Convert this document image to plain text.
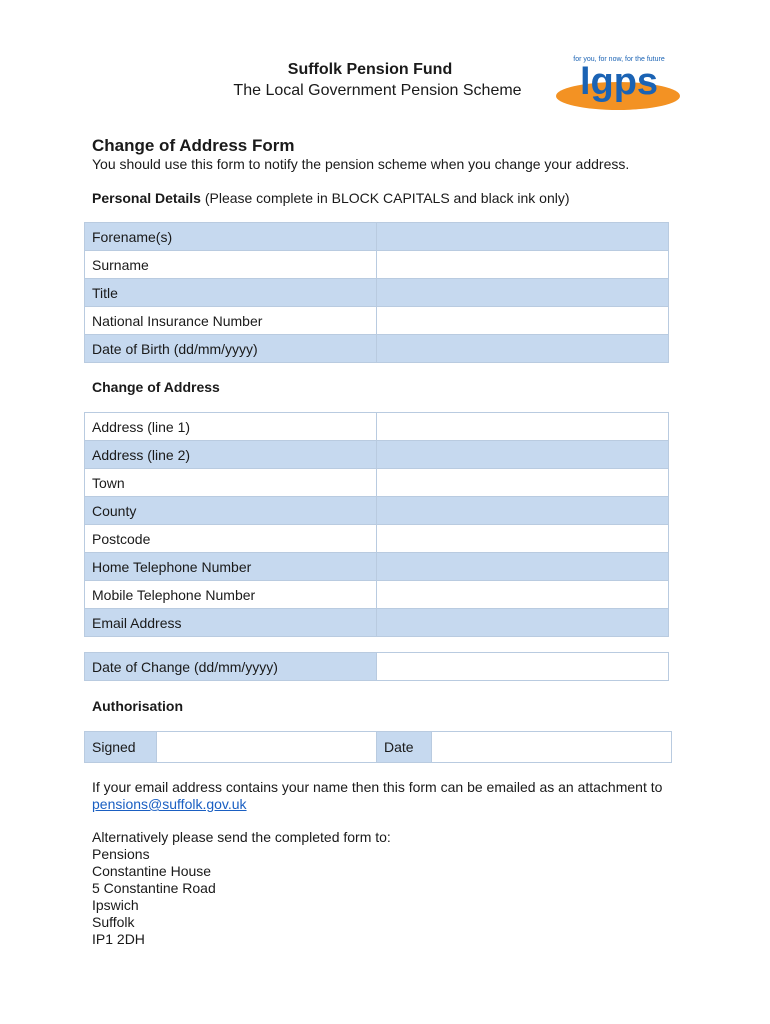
Suffolk Pension Fund
The Local Government Pension Scheme
for you, for now, for the future
lgps
Change of Address Form
You should use this form to notify the pension scheme when you change your address.
Personal Details (Please complete in BLOCK CAPITALS and black ink only)
Forename(s)	
Surname	
Title	
National Insurance Number	
Date of Birth (dd/mm/yyyy)	
Change of Address
Address (line 1)	
Address (line 2)	
Town	
County	
Postcode	
Home Telephone Number	
Mobile Telephone Number	
Email Address	
Date of Change (dd/mm/yyyy)	
Authorisation
Signed		Date	
If your email address contains your name then this form can be emailed as an attachment to
pensions@suffolk.gov.uk
Alternatively please send the completed form to:
Pensions
Constantine House
5 Constantine Road
Ipswich
Suffolk
IP1 2DH
